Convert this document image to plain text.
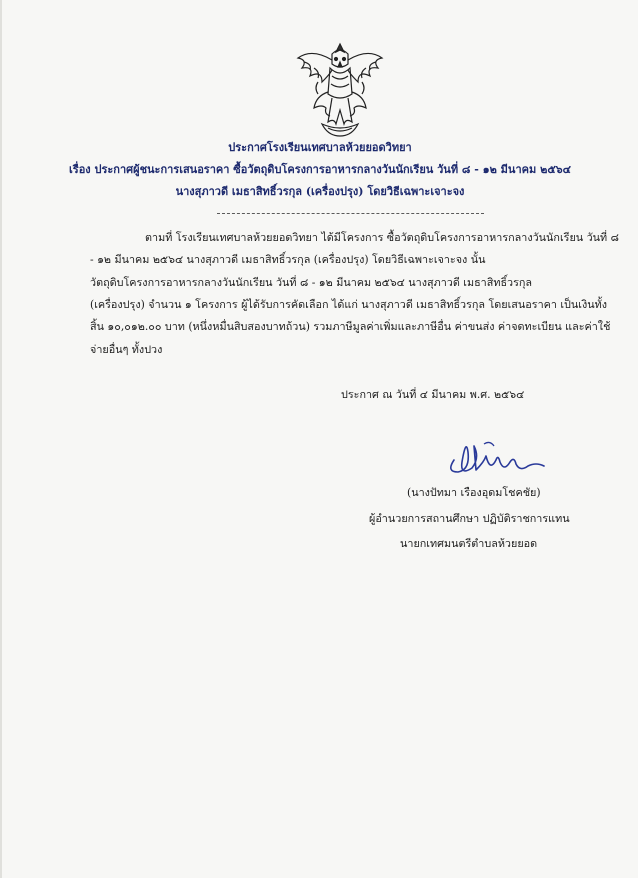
ประกาศโรงเรียนเทศบาลห้วยยอดวิทยา
เรื่อง ประกาศผู้ชนะการเสนอราคา ซื้อวัตถุดิบโครงการอาหารกลางวันนักเรียน วันที่ ๘ - ๑๒ มีนาคม ๒๕๖๔
นางสุภาวดี เมธาสิทธิ์วรกุล (เครื่องปรุง) โดยวิธีเฉพาะเจาะจง
ตามที่ โรงเรียนเทศบาลห้วยยอดวิทยา ได้มีโครงการ ซื้อวัตถุดิบโครงการอาหารกลางวันนักเรียน วันที่ ๘
- ๑๒ มีนาคม ๒๕๖๔ นางสุภาวดี เมธาสิทธิ์วรกุล (เครื่องปรุง) โดยวิธีเฉพาะเจาะจง นั้น
วัตถุดิบโครงการอาหารกลางวันนักเรียน วันที่ ๘ - ๑๒ มีนาคม ๒๕๖๔ นางสุภาวดี เมธาสิทธิ์วรกุล
(เครื่องปรุง) จำนวน ๑ โครงการ ผู้ได้รับการคัดเลือก ได้แก่ นางสุภาวดี เมธาสิทธิ์วรกุล โดยเสนอราคา เป็นเงินทั้ง
สิ้น ๑๐,๐๑๒.๐๐ บาท (หนึ่งหมื่นสิบสองบาทถ้วน) รวมภาษีมูลค่าเพิ่มและภาษีอื่น ค่าขนส่ง ค่าจดทะเบียน และค่าใช้
จ่ายอื่นๆ ทั้งปวง
ประกาศ ณ วันที่ ๔ มีนาคม พ.ศ. ๒๕๖๔
(นางปัทมา เรืองอุดมโชคชัย)
ผู้อำนวยการสถานศึกษา ปฏิบัติราชการแทน
นายกเทศมนตรีตำบลห้วยยอด
